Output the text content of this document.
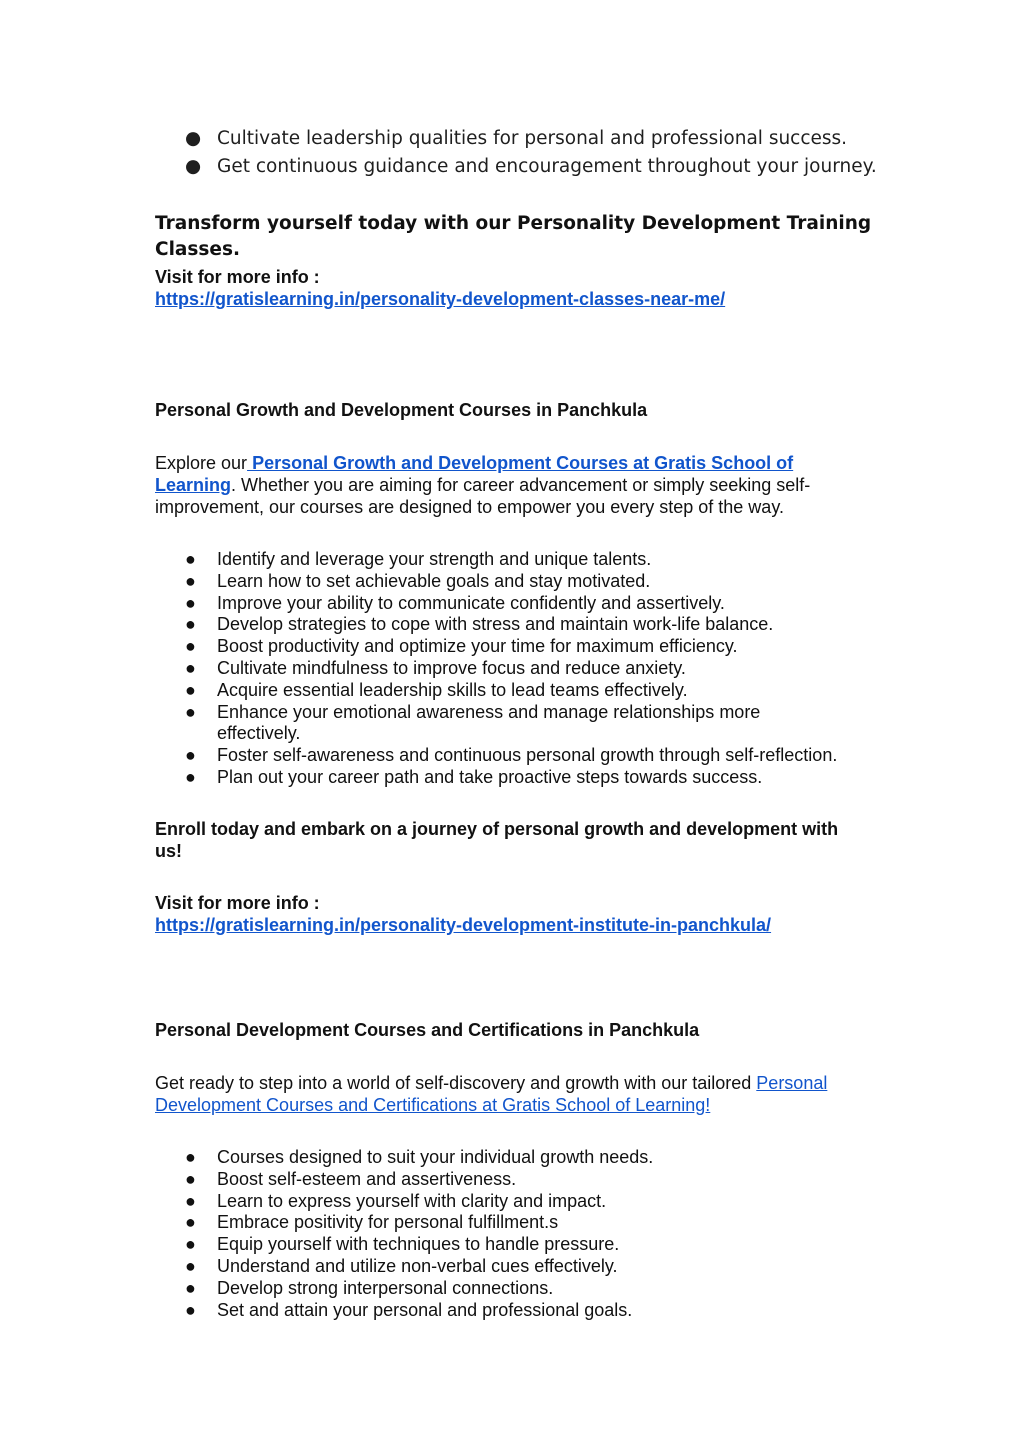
● Cultivate leadership qualities for personal and professional success.
● Get continuous guidance and encouragement throughout your journey.
Transform yourself today with our Personality Development Training Classes.
Visit for more info :
https://gratislearning.in/personality-development-classes-near-me/
Personal Growth and Development Courses in Panchkula

Explore our Personal Growth and Development Courses at Gratis School of Learning. Whether you are aiming for career advancement or simply seeking self-improvement, our courses are designed to empower you every step of the way.

● Identify and leverage your strength and unique talents.
● Learn how to set achievable goals and stay motivated.
● Improve your ability to communicate confidently and assertively.
● Develop strategies to cope with stress and maintain work-life balance.
● Boost productivity and optimize your time for maximum efficiency.
● Cultivate mindfulness to improve focus and reduce anxiety.
● Acquire essential leadership skills to lead teams effectively.
● Enhance your emotional awareness and manage relationships more effectively.
● Foster self-awareness and continuous personal growth through self-reflection.
● Plan out your career path and take proactive steps towards success.
Enroll today and embark on a journey of personal growth and development with us!
Visit for more info :
https://gratislearning.in/personality-development-institute-in-panchkula/
Personal Development Courses and Certifications in Panchkula

Get ready to step into a world of self-discovery and growth with our tailored Personal Development Courses and Certifications at Gratis School of Learning!

● Courses designed to suit your individual growth needs.
● Boost self-esteem and assertiveness.
● Learn to express yourself with clarity and impact.
● Embrace positivity for personal fulfillment.s
● Equip yourself with techniques to handle pressure.
● Understand and utilize non-verbal cues effectively.
● Develop strong interpersonal connections.
● Set and attain your personal and professional goals.
